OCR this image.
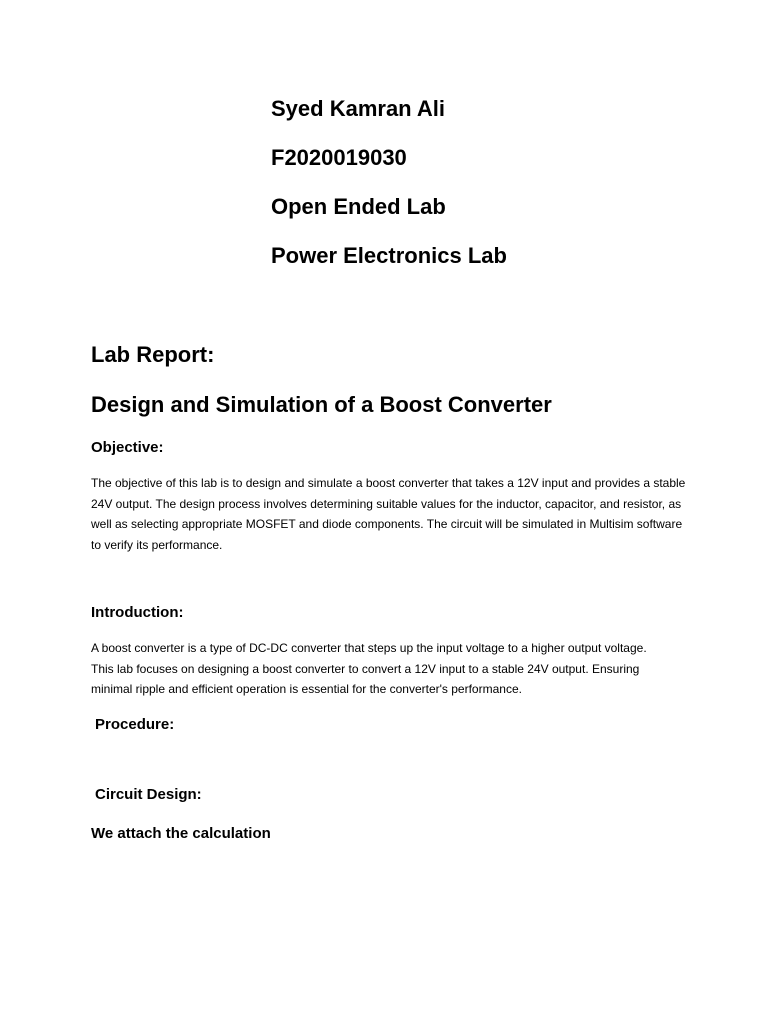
Syed Kamran Ali

F2020019030

Open Ended Lab

Power Electronics Lab

Lab Report:

Design and Simulation of a Boost Converter

Objective:

The objective of this lab is to design and simulate a boost converter that takes a 12V input and provides a stable 24V output. The design process involves determining suitable values for the inductor, capacitor, and resistor, as well as selecting appropriate MOSFET and diode components. The circuit will be simulated in Multisim software to verify its performance.

Introduction:

A boost converter is a type of DC-DC converter that steps up the input voltage to a higher output voltage. This lab focuses on designing a boost converter to convert a 12V input to a stable 24V output. Ensuring minimal ripple and efficient operation is essential for the converter's performance.

Procedure:

Circuit Design:

We attach the calculation
